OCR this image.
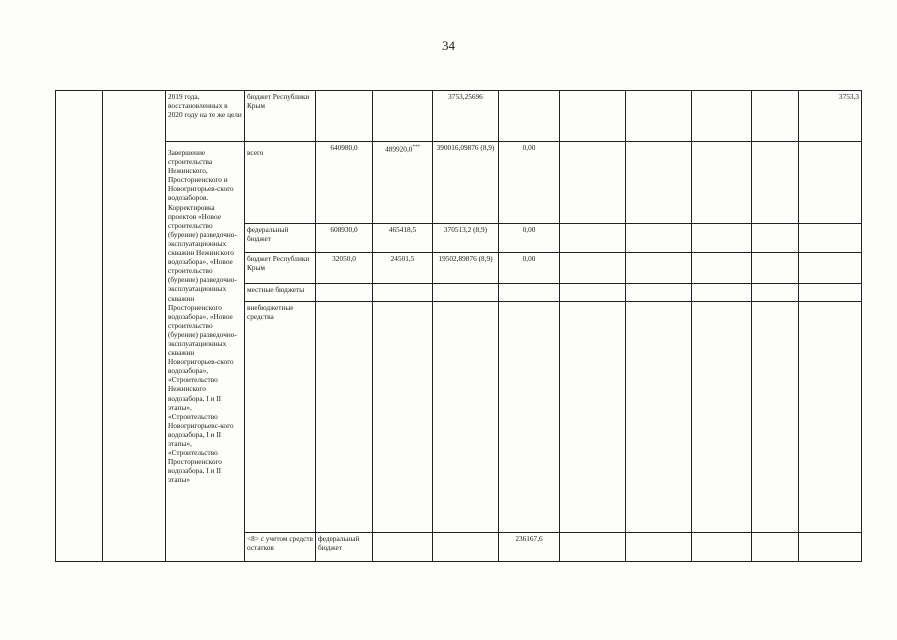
34
		2019 года, восстановленных в 2020 году на те же цели	бюджет Республики Крым			3753,25696						3753,3	
		Завершение строительства Нежинского, Просторненского и Новогригорьев-ского водозаборов. Корректировка проектов «Новое строительство (бурение) разведочно-эксплуатационных скважин Нежинского водозабора», «Новое строительство (бурение) разведочно-эксплуатационных скважин Просторненского водозабора», «Новое строительство (бурение) разведочно-эксплуатационных скважин Новогригорьев-ского водозабора», «Строительство Нежинского водозабора, I и II этапы», «Строительство Новогригорьевс-кого водозабора, I и II этапы», «Строительство Просторненского водозабора, I и II этапы»	всего	640980,0	489920,0***	390016,09876 (8,9)	0,00						
			федеральный бюджет	608930,0	465418,5	370513,2 (8,9)	0,00						
			бюджет Республики Крым	32050,0	24501,5	19502,89876 (8,9)	0,00						
			местные бюджеты										
			внебюджетные средства										
			<8> с учетом средств остатков	федеральный бюджет			236167,6							
